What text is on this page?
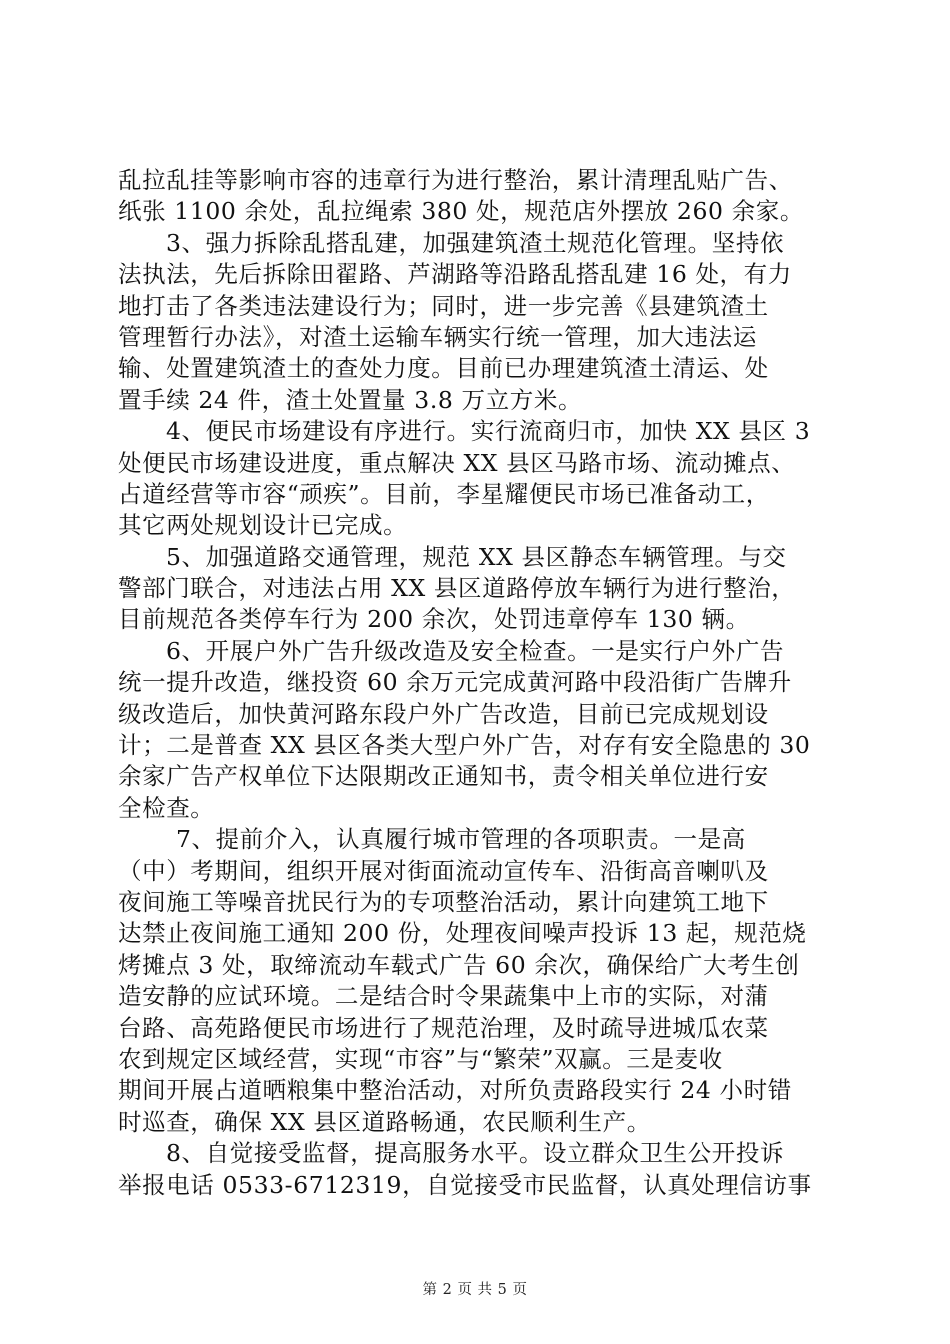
乱拉乱挂等影响市容的违章行为进行整治，累计清理乱贴广告、
纸张 1100 余处，乱拉绳索 380 处，规范店外摆放 260 余家。
3、强力拆除乱搭乱建，加强建筑渣土规范化管理。坚持依
法执法，先后拆除田翟路、芦湖路等沿路乱搭乱建 16 处，有力
地打击了各类违法建设行为；同时，进一步完善《县建筑渣土
管理暂行办法》，对渣土运输车辆实行统一管理，加大违法运
输、处置建筑渣土的查处力度。目前已办理建筑渣土清运、处
置手续 24 件，渣土处置量 3.8 万立方米。
4、便民市场建设有序进行。实行流商归市，加快 XX 县区 3
处便民市场建设进度，重点解决 XX 县区马路市场、流动摊点、
占道经营等市容“顽疾”。目前，李星耀便民市场已准备动工，
其它两处规划设计已完成。
5、加强道路交通管理，规范 XX 县区静态车辆管理。与交
警部门联合，对违法占用 XX 县区道路停放车辆行为进行整治，
目前规范各类停车行为 200 余次，处罚违章停车 130 辆。
6、开展户外广告升级改造及安全检查。一是实行户外广告
统一提升改造，继投资 60 余万元完成黄河路中段沿街广告牌升
级改造后，加快黄河路东段户外广告改造，目前已完成规划设
计；二是普查 XX 县区各类大型户外广告，对存有安全隐患的 30
余家广告产权单位下达限期改正通知书，责令相关单位进行安
全检查。
7、提前介入，认真履行城市管理的各项职责。一是高
（中）考期间，组织开展对街面流动宣传车、沿街高音喇叭及
夜间施工等噪音扰民行为的专项整治活动，累计向建筑工地下
达禁止夜间施工通知 200 份，处理夜间噪声投诉 13 起，规范烧
烤摊点 3 处，取缔流动车载式广告 60 余次，确保给广大考生创
造安静的应试环境。二是结合时令果蔬集中上市的实际，对蒲
台路、高苑路便民市场进行了规范治理，及时疏导进城瓜农菜
农到规定区域经营，实现“市容”与“繁荣”双赢。三是麦收
期间开展占道晒粮集中整治活动，对所负责路段实行 24 小时错
时巡查，确保 XX 县区道路畅通，农民顺利生产。
8、自觉接受监督，提高服务水平。设立群众卫生公开投诉
举报电话 0533-6712319，自觉接受市民监督，认真处理信访事
第 2 页 共 5 页
